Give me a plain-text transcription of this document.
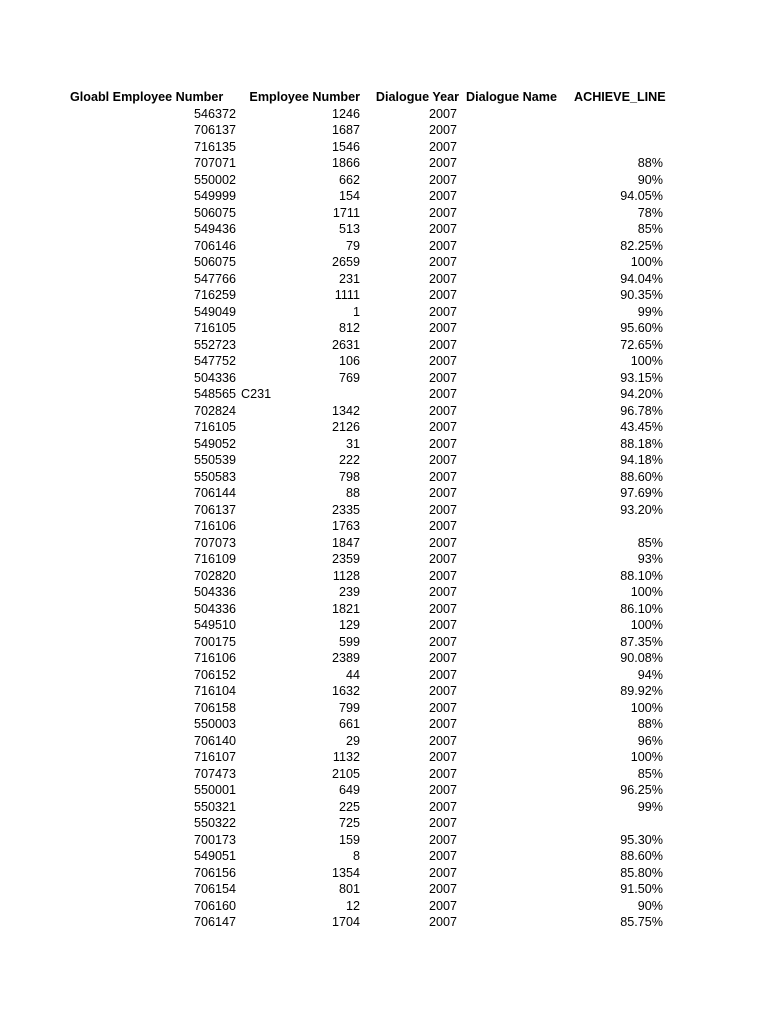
Gloabl Employee Number	Employee Number	Dialogue Year	Dialogue Name	ACHIEVE_LINE
546372	1246	2007		
706137	1687	2007		
716135	1546	2007		
707071	1866	2007		88%
550002	662	2007		90%
549999	154	2007		94.05%
506075	1711	2007		78%
549436	513	2007		85%
706146	79	2007		82.25%
506075	2659	2007		100%
547766	231	2007		94.04%
716259	1111	2007		90.35%
549049	1	2007		99%
716105	812	2007		95.60%
552723	2631	2007		72.65%
547752	106	2007		100%
504336	769	2007		93.15%
548565	C231	2007		94.20%
702824	1342	2007		96.78%
716105	2126	2007		43.45%
549052	31	2007		88.18%
550539	222	2007		94.18%
550583	798	2007		88.60%
706144	88	2007		97.69%
706137	2335	2007		93.20%
716106	1763	2007		
707073	1847	2007		85%
716109	2359	2007		93%
702820	1128	2007		88.10%
504336	239	2007		100%
504336	1821	2007		86.10%
549510	129	2007		100%
700175	599	2007		87.35%
716106	2389	2007		90.08%
706152	44	2007		94%
716104	1632	2007		89.92%
706158	799	2007		100%
550003	661	2007		88%
706140	29	2007		96%
716107	1132	2007		100%
707473	2105	2007		85%
550001	649	2007		96.25%
550321	225	2007		99%
550322	725	2007		
700173	159	2007		95.30%
549051	8	2007		88.60%
706156	1354	2007		85.80%
706154	801	2007		91.50%
706160	12	2007		90%
706147	1704	2007		85.75%
